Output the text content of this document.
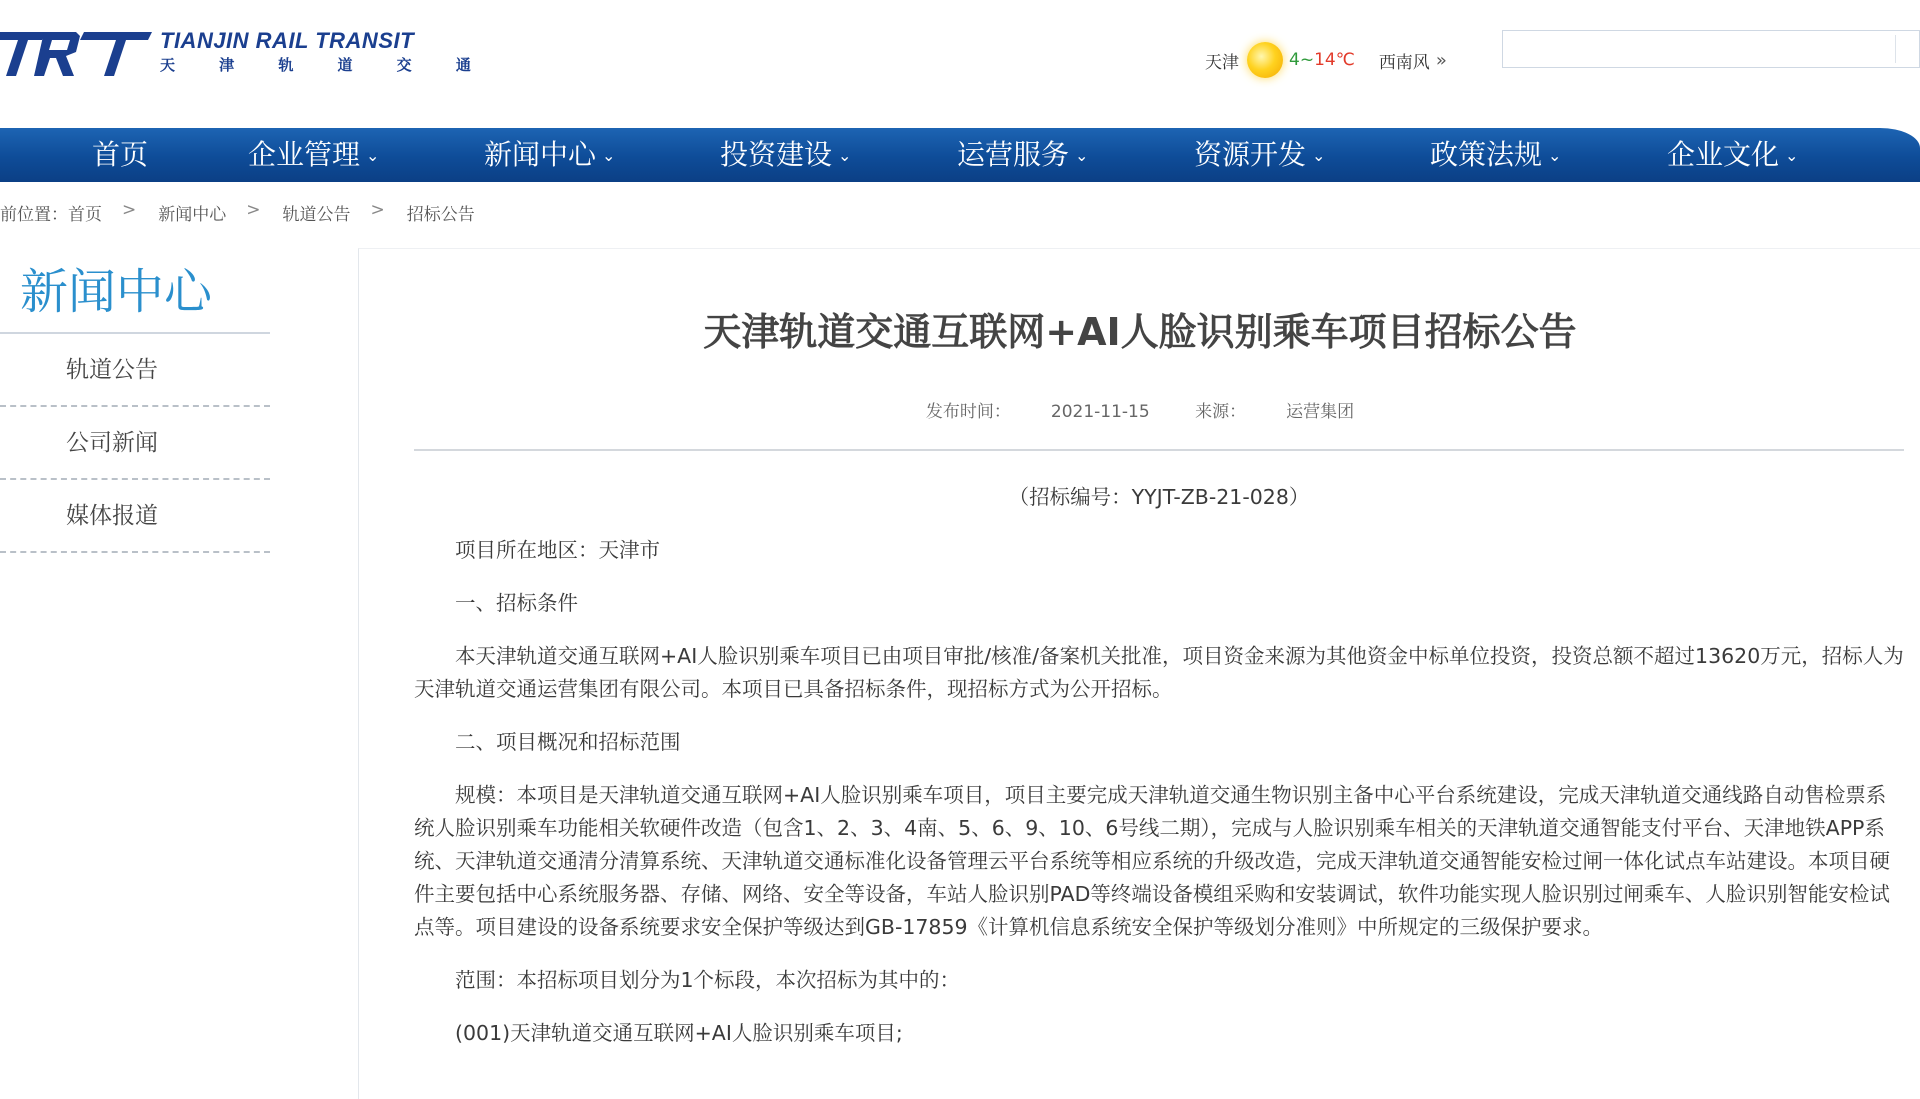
TIANJIN RAIL TRANSIT
天 津 轨 道 交 通	天津	4~14℃ 西南风 »
首页	企业管理 ⌄	新闻中心 ⌄	投资建设 ⌄	运营服务 ⌄	资源开发 ⌄	政策法规 ⌄	企业文化 ⌄
前位置： 首页 > 新闻中心 > 轨道公告 > 招标公告
新闻中心
轨道公告
公司新闻
媒体报道
天津轨道交通互联网+AI人脸识别乘车项目招标公告
发布时间： 2021-11-15	来源： 运营集团

（招标编号：YYJT-ZB-21-028）

项目所在地区：天津市

一、招标条件

本天津轨道交通互联网+AI人脸识别乘车项目已由项目审批/核准/备案机关批准，项目资金来源为其他资金中标单位投资，投资总额不超过13620万元，招标人为天津轨道交通运营集团有限公司。本项目已具备招标条件，现招标方式为公开招标。

二、项目概况和招标范围

规模：本项目是天津轨道交通互联网+AI人脸识别乘车项目，项目主要完成天津轨道交通生物识别主备中心平台系统建设，完成天津轨道交通线路自动售检票系统人脸识别乘车功能相关软硬件改造（包含1、2、3、4南、5、6、9、10、6号线二期），完成与人脸识别乘车相关的天津轨道交通智能支付平台、天津地铁APP系统、天津轨道交通清分清算系统、天津轨道交通标准化设备管理云平台系统等相应系统的升级改造，完成天津轨道交通智能安检过闸一体化试点车站建设。本项目硬件主要包括中心系统服务器、存储、网络、安全等设备，车站人脸识别PAD等终端设备模组采购和安装调试，软件功能实现人脸识别过闸乘车、人脸识别智能安检试点等。项目建设的设备系统要求安全保护等级达到GB-17859《计算机信息系统安全保护等级划分准则》中所规定的三级保护要求。

范围：本招标项目划分为1个标段，本次招标为其中的：

(001)天津轨道交通互联网+AI人脸识别乘车项目;
